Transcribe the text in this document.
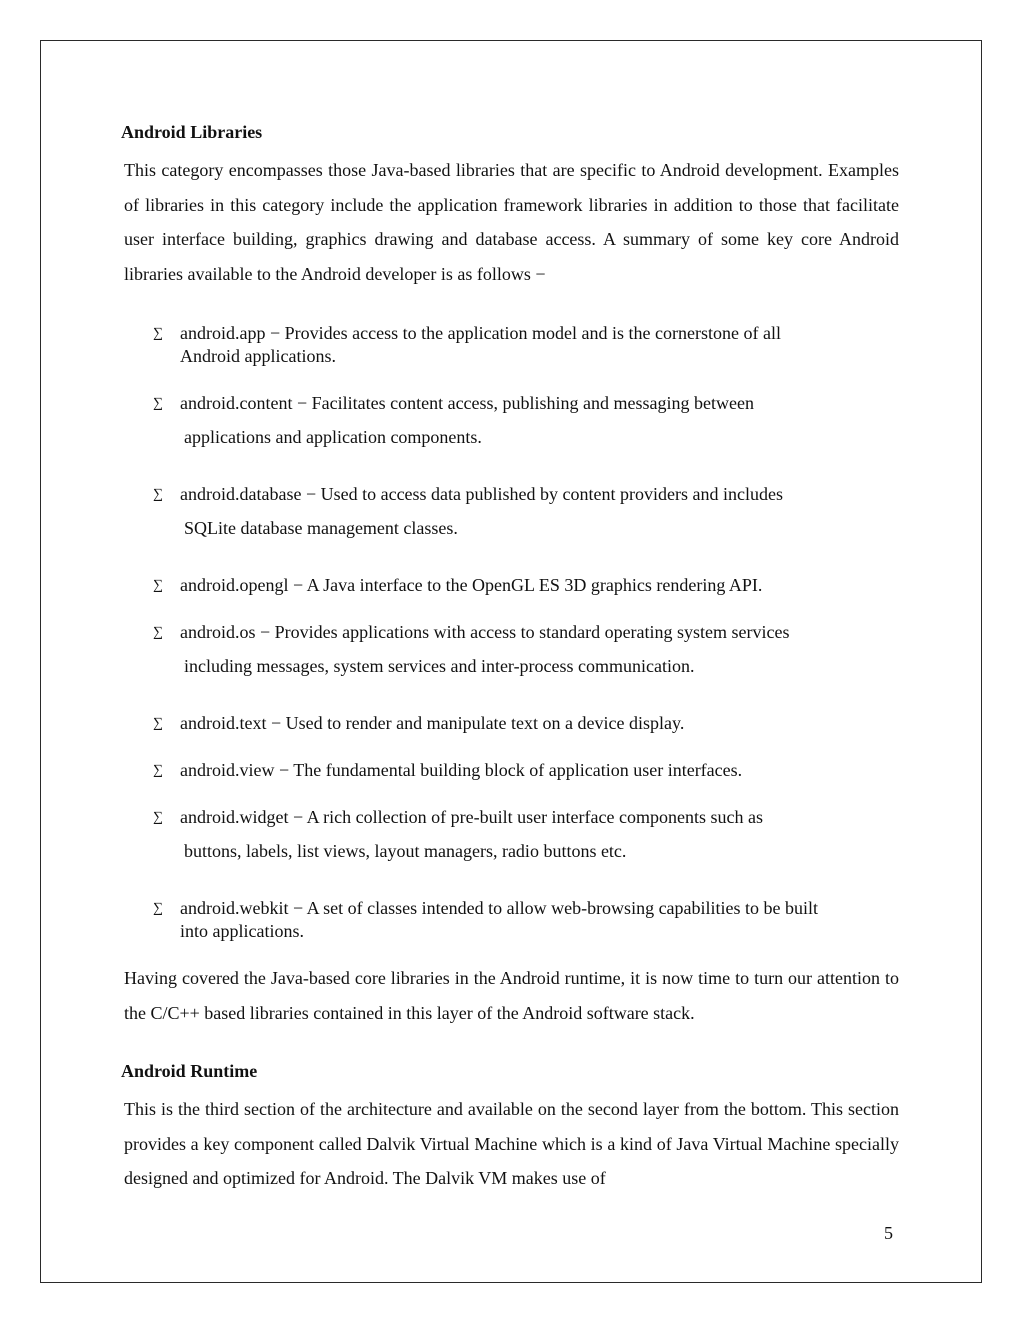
Android Libraries

This category encompasses those Java-based libraries that are specific to Android development. Examples of libraries in this category include the application framework libraries in addition to those that facilitate user interface building, graphics drawing and database access. A summary of some key core Android libraries available to the Android developer is as follows −

∑ android.app − Provides access to the application model and is the cornerstone of all
Android applications.

∑ android.content − Facilitates content access, publishing and messaging between
applications and application components.

∑ android.database − Used to access data published by content providers and includes
SQLite database management classes.

∑ android.opengl − A Java interface to the OpenGL ES 3D graphics rendering API.

∑ android.os − Provides applications with access to standard operating system services
including messages, system services and inter-process communication.

∑ android.text − Used to render and manipulate text on a device display.

∑ android.view − The fundamental building block of application user interfaces.

∑ android.widget − A rich collection of pre-built user interface components such as
buttons, labels, list views, layout managers, radio buttons etc.

∑ android.webkit − A set of classes intended to allow web-browsing capabilities to be built
into applications.

Having covered the Java-based core libraries in the Android runtime, it is now time to turn our attention to the C/C++ based libraries contained in this layer of the Android software stack.

Android Runtime

This is the third section of the architecture and available on the second layer from the bottom. This section provides a key component called Dalvik Virtual Machine which is a kind of Java Virtual Machine specially designed and optimized for Android. The Dalvik VM makes use of

5
